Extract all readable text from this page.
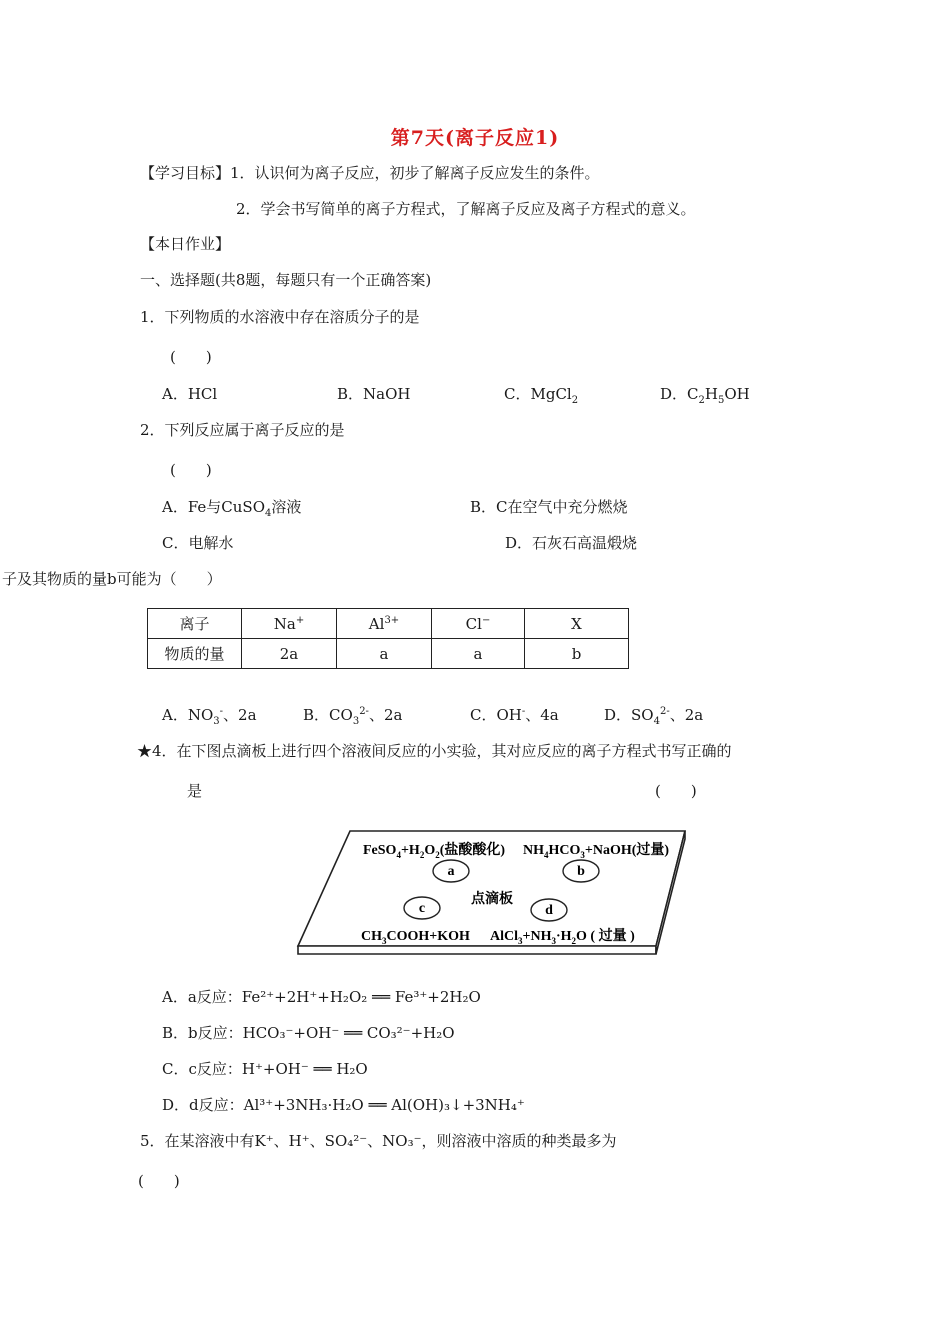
第7天(离子反应1)
【学习目标】1．认识何为离子反应，初步了解离子反应发生的条件。
2．学会书写简单的离子方程式，了解离子反应及离子方程式的意义。
【本日作业】
一、选择题(共8题，每题只有一个正确答案)
1．下列物质的水溶液中存在溶质分子的是
(　　)
A．HCl	B．NaOH	C．MgCl$_2$	D．$C_2H_5OH$
2．下列反应属于离子反应的是
(　　)
A．Fe与CuSO$_4$溶液	B．C在空气中充分燃烧
C．电解水	D．石灰石高温煅烧
子及其物质的量b可能为（　　）
离子	Na+	$Al^{3+}$	Cl−	X
物质的量	2a	a	a	b
A．$NO_3^-$、2a	B．$CO_3^{2-}$、2a	C．OH-、4a	D．$SO_4^{2-}$、2a
★4．在下图点滴板上进行四个溶液间反应的小实验，其对应反应的离子方程式书写正确的
是	(　　)
$FeSO_4+H_2O_2$(盐酸酸化) $NH_4HCO_3+NaOH$(过量)
a	b
点滴板
c	d
$CH_3COOH+KOH$ $AlCl_3+NH_3\cdot H_2O$ ( 过量 )
A．a反应：Fe²⁺+2H⁺+H₂O₂ ══ Fe³⁺+2H₂O
B．b反应：HCO₃⁻+OH⁻ ══ CO₃²⁻+H₂O
C．c反应：H⁺+OH⁻ ══ H₂O
D．d反应：Al³⁺+3NH₃·H₂O ══ Al(OH)₃↓+3NH₄⁺
5．在某溶液中有K⁺、H⁺、SO₄²⁻、NO₃⁻，则溶液中溶质的种类最多为
(　　)
